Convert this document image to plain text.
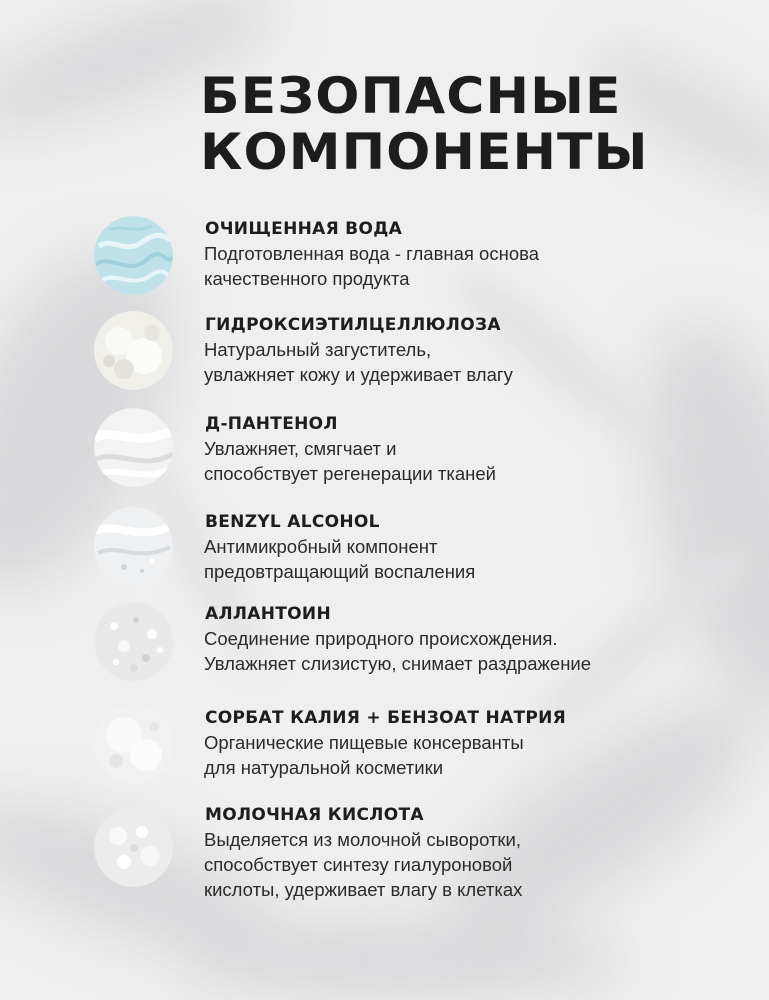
БЕЗОПАСНЫЕ
КОМПОНЕНТЫ
ОЧИЩЕННАЯ ВОДА
Подготовленная вода - главная основа
качественного продукта
ГИДРОКСИЭТИЛЦЕЛЛЮЛОЗА
Натуральный загуститель,
увлажняет кожу и удерживает влагу
Д-ПАНТЕНОЛ
Увлажняет, смягчает и
способствует регенерации тканей
BENZYL ALCOHOL
Антимикробный компонент
предовтращающий воспаления
АЛЛАНТОИН
Соединение природного происхождения.
Увлажняет слизистую, снимает раздражение
СОРБАТ КАЛИЯ + БЕНЗОАТ НАТРИЯ
Органические пищевые консерванты
для натуральной косметики
МОЛОЧНАЯ КИСЛОТА
Выделяется из молочной сыворотки,
способствует синтезу гиалуроновой
кислоты, удерживает влагу в клетках
